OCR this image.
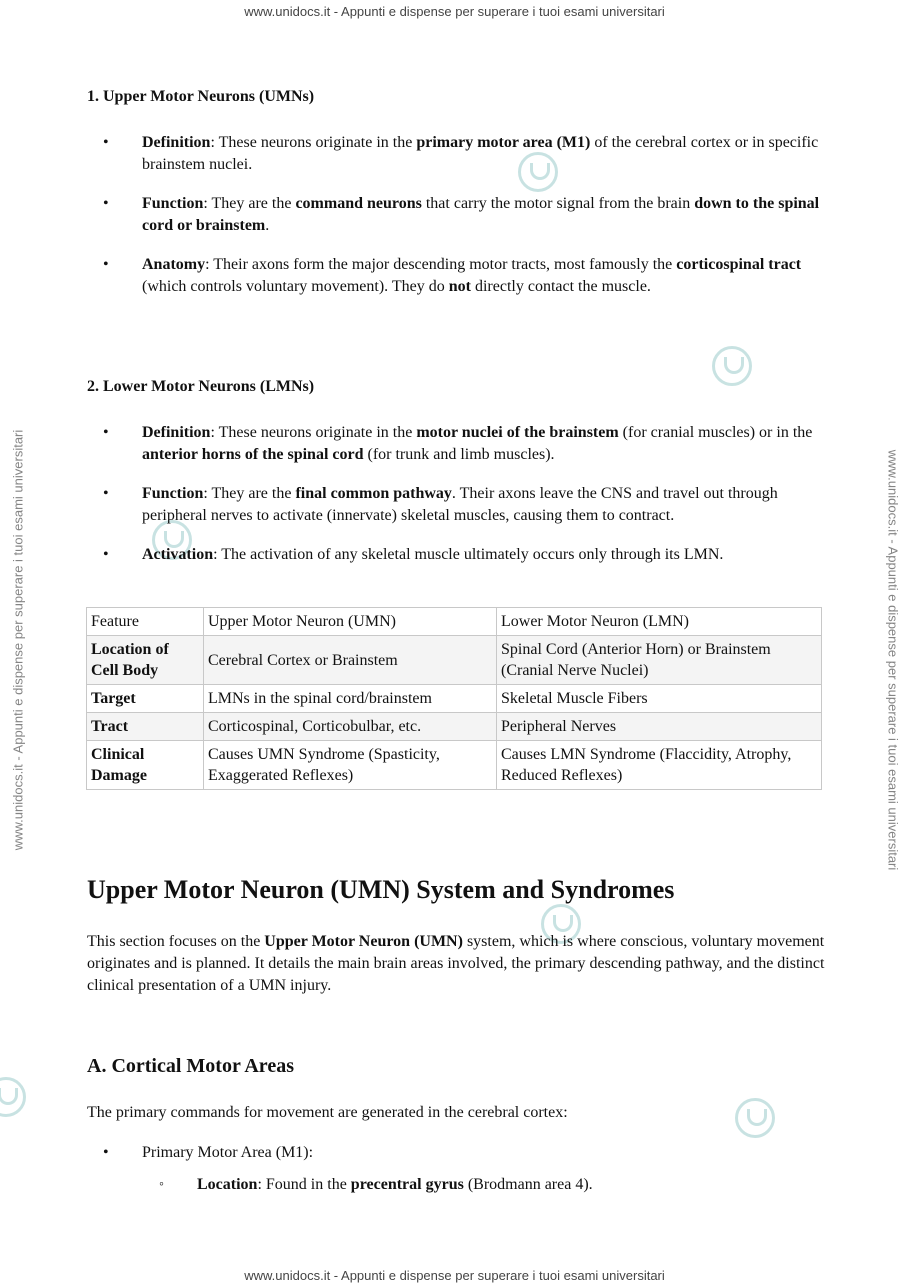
www.unidocs.it - Appunti e dispense per superare i tuoi esami universitari
www.unidocs.it - Appunti e dispense per superare i tuoi esami universitari
www.unidocs.it - Appunti e dispense per superare i tuoi esami universitari	www.unidocs.it - Appunti e dispense per superare i tuoi esami universitari
1. Upper Motor Neurons (UMNs)
• Definition: These neurons originate in the primary motor area (M1) of the cerebral cortex or in specific brainstem nuclei.
• Function: They are the command neurons that carry the motor signal from the brain down to the spinal cord or brainstem.
• Anatomy: Their axons form the major descending motor tracts, most famously the corticospinal tract (which controls voluntary movement). They do not directly contact the muscle.
2. Lower Motor Neurons (LMNs)
• Definition: These neurons originate in the motor nuclei of the brainstem (for cranial muscles) or in the anterior horns of the spinal cord (for trunk and limb muscles).
• Function: They are the final common pathway. Their axons leave the CNS and travel out through peripheral nerves to activate (innervate) skeletal muscles, causing them to contract.
• Activation: The activation of any skeletal muscle ultimately occurs only through its LMN.
Feature	Upper Motor Neuron (UMN)	Lower Motor Neuron (LMN)
Location of Cell Body	Cerebral Cortex or Brainstem	Spinal Cord (Anterior Horn) or Brainstem (Cranial Nerve Nuclei)
Target	LMNs in the spinal cord/brainstem	Skeletal Muscle Fibers
Tract	Corticospinal, Corticobulbar, etc.	Peripheral Nerves
Clinical Damage	Causes UMN Syndrome (Spasticity, Exaggerated Reflexes)	Causes LMN Syndrome (Flaccidity, Atrophy, Reduced Reflexes)
Upper Motor Neuron (UMN) System and Syndromes

This section focuses on the Upper Motor Neuron (UMN) system, which is where conscious, voluntary movement originates and is planned. It details the main brain areas involved, the primary descending pathway, and the distinct clinical presentation of a UMN injury.

A. Cortical Motor Areas

The primary commands for movement are generated in the cerebral cortex:

• Primary Motor Area (M1):
◦ Location: Found in the precentral gyrus (Brodmann area 4).
